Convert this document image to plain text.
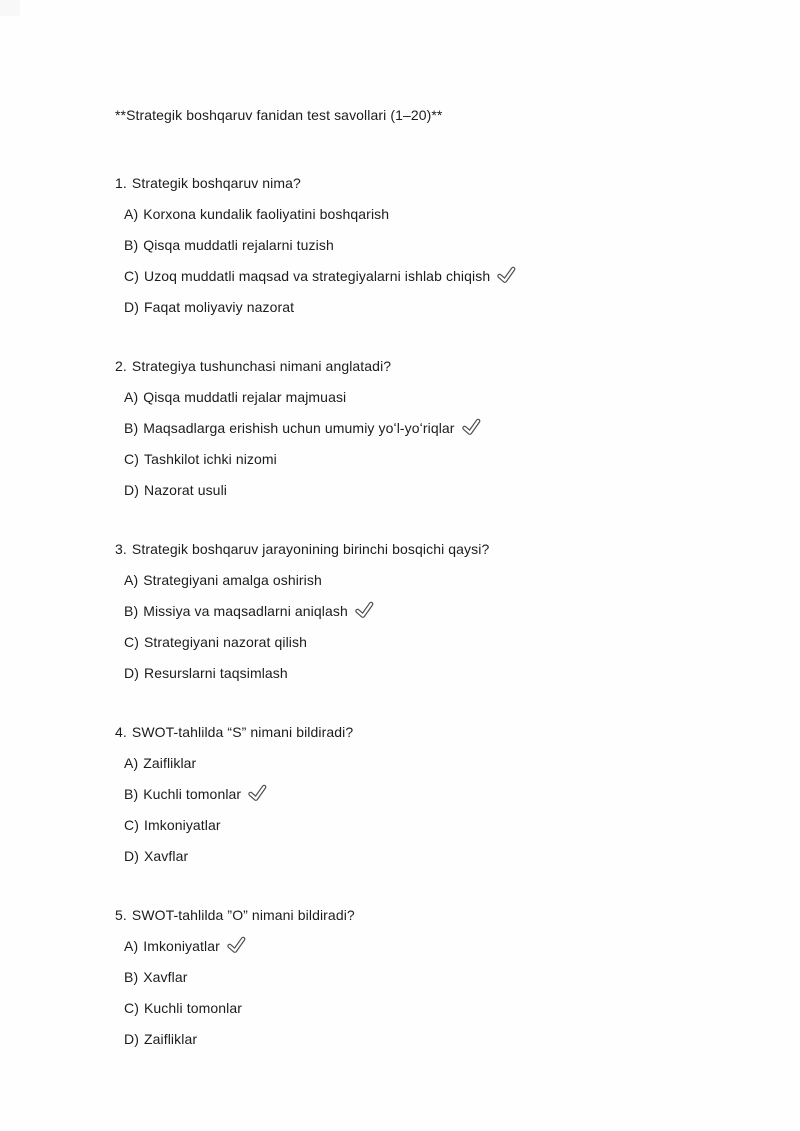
**Strategik boshqaruv fanidan test savollari (1–20)**
1. Strategik boshqaruv nima?
A) Korxona kundalik faoliyatini boshqarish
B) Qisqa muddatli rejalarni tuzish
C) Uzoq muddatli maqsad va strategiyalarni ishlab chiqish
D) Faqat moliyaviy nazorat
2. Strategiya tushunchasi nimani anglatadi?
A) Qisqa muddatli rejalar majmuasi
B) Maqsadlarga erishish uchun umumiy yoʻl-yoʻriqlar
C) Tashkilot ichki nizomi
D) Nazorat usuli
3. Strategik boshqaruv jarayonining birinchi bosqichi qaysi?
A) Strategiyani amalga oshirish
B) Missiya va maqsadlarni aniqlash
C) Strategiyani nazorat qilish
D) Resurslarni taqsimlash
4. SWOT-tahlilda “S” nimani bildiradi?
A) Zaifliklar
B) Kuchli tomonlar
C) Imkoniyatlar
D) Xavflar
5. SWOT-tahlilda ”O” nimani bildiradi?
A) Imkoniyatlar
B) Xavflar
C) Kuchli tomonlar
D) Zaifliklar
